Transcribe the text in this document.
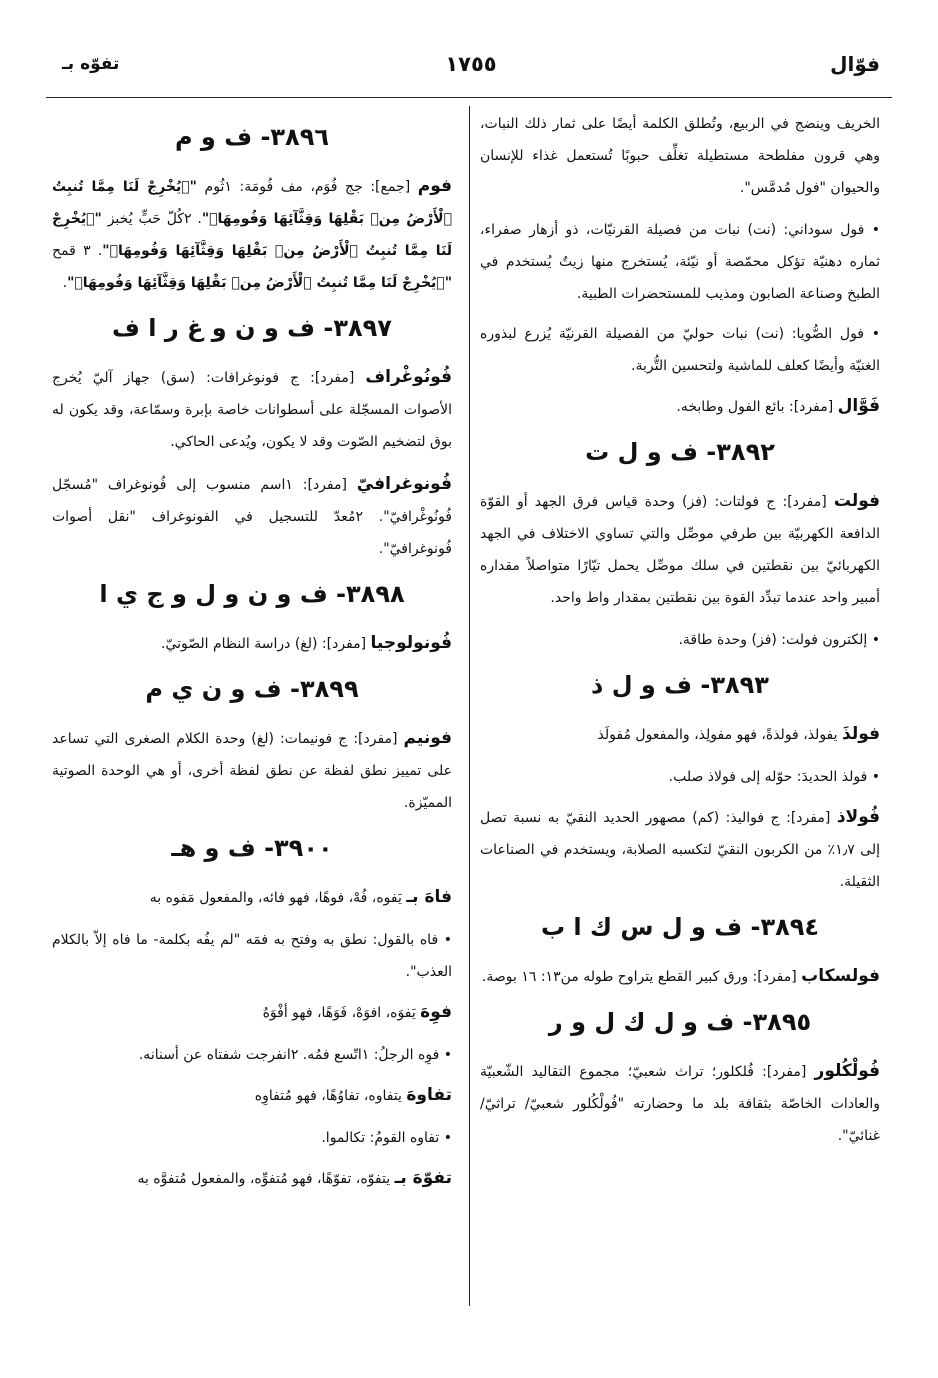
فوّال
١٧٥٥
تفوّه بـ

الخريف وينضج في الربيع، وتُطلق الكلمة أيضًا على ثمار ذلك النبات، وهي قرون مفلطحة مستطيلة تغلِّف حبوبًا تُستعمل غذاء للإنسان والحيوان "فول مُدمَّس".

• فول سوداني: (نت) نبات من فصيلة القرنيّات، ذو أزهار صفراء، ثماره دهنيّة تؤكل محمّصة أو نيّئة، يُستخرج منها زيتٌ يُستخدم في الطبخ وصناعة الصابون ومذيب للمستحضرات الطبية.

• فول الصُّويا: (نت) نبات حوليّ من الفصيلة القرنيّة يُزرع لبذوره الغنيّة وأيضًا كعلف للماشية ولتحسين التُّربة.

فَوَّال [مفرد]: بائع الفول وطابخه.

٣٨٩٢- ف و ل ت

فولت [مفرد]: ج فولتات: (فز) وحدة قياس فرق الجهد أو القوّة الدافعة الكهربيّة بين طرفي موصِّل والتي تساوي الاختلاف في الجهد الكهربائيّ بين نقطتين في سلك موصِّل يحمل تيّارًا متواصلاً مقداره أمبير واحد عندما تبدِّد القوة بين نقطتين بمقدار واط واحد.

• إلكترون فولت: (فز) وحدة طاقة.

٣٨٩٣- ف و ل ذ

فولذَ يفولذ، فولذةً، فهو مفولِذ، والمفعول مُفولَذ

• فولذ الحديدَ: حوّله إلى فولاذ صلب.

فُولاذ [مفرد]: ج فواليذ: (كم) مصهور الحديد النقيّ به نسبة تصل إلى ١٫٧٪ من الكربون النقيّ لتكسبه الصلابة، ويستخدم في الصناعات الثقيلة.

٣٨٩٤- ف و ل س ك ا ب

فولسكاب [مفرد]: ورق كبير القطع يتراوح طوله من١٣: ١٦ بوصة.

٣٨٩٥- ف و ل ك ل و ر

فُولْكُلور [مفرد]: فُلكلور؛ تراث شعبيّ؛ مجموع التقاليد الشّعبيّة والعادات الخاصّة بثقافة بلد ما وحضارته "فُولْكُلور شعبيّ/ تراثيّ/ غنائيّ".

٣٨٩٦- ف و م

فوم [جمع]: جج فُوَم، مف فُومَة: ١ثُوم "﴿يُخْرِجْ لَنَا مِمَّا تُنبِتُ ٱلْأَرْضُ مِنۢ بَقْلِهَا وَقِثَّآئِهَا وَفُومِهَا﴾". ٢كُلّ حَبٍّ يُخبز "﴿يُخْرِجْ لَنَا مِمَّا تُنبِتُ ٱلْأَرْضُ مِنۢ بَقْلِهَا وَقِثَّآئِهَا وَفُومِهَا﴾". ٣ قمح "﴿يُخْرِجْ لَنَا مِمَّا تُنبِتُ ٱلْأَرْضُ مِنۢ بَقْلِهَا وَقِثَّآئِهَا وَفُومِهَا﴾".

٣٨٩٧- ف و ن و غ ر ا ف

فُونُوغْراف [مفرد]: ج فونوغرافات: (سق) جهاز آليّ يُخرج الأصوات المسجّلة على أسطوانات خاصة بإبرة وسمّاعة، وقد يكون له بوق لتضخيم الصّوت وقد لا يكون، ويُدعى الحاكي.

فُونوغرافيّ [مفرد]: ١اسم منسوب إلى فُونوغراف "مُسجّل فُونُوغْرافيّ". ٢مُعدّ للتسجيل في الفونوغراف "نقل أصوات فُونوغرافيّ".

٣٨٩٨- ف و ن و ل و ج ي ا

فُونولوجيا [مفرد]: (لغ) دراسة النظام الصّوتيّ.

٣٨٩٩- ف و ن ي م

فونيم [مفرد]: ج فونيمات: (لغ) وحدة الكلام الصغرى التي تساعد على تمييز نطق لفظة عن نطق لفظة أخرى، أو هي الوحدة الصوتية المميّزة.

٣٩٠٠- ف و هـ

فاهَ بـ يَفوه، فُهْ، فوهًا، فهو فائه، والمفعول مَفوه به

• فاه بالقول: نطق به وفتح به فمَه "لم يفُه بكلمة- ما فاه إلاّ بالكلام العذب".

فوِهَ يَفوَه، افوَهْ، فَوَهًا، فهو أفْوَهُ

• فوِه الرجلُ: ١اتّسع فمُه. ٢انفرجت شفتاه عن أسنانه.

تفاوهَ يتفاوه، تفاوُهًا، فهو مُتفاوِه

• تفاوه القومُ: تكالموا.

تفوّهَ بـ يتفوّه، تفوّهًا، فهو مُتفوِّه، والمفعول مُتفوَّه به
